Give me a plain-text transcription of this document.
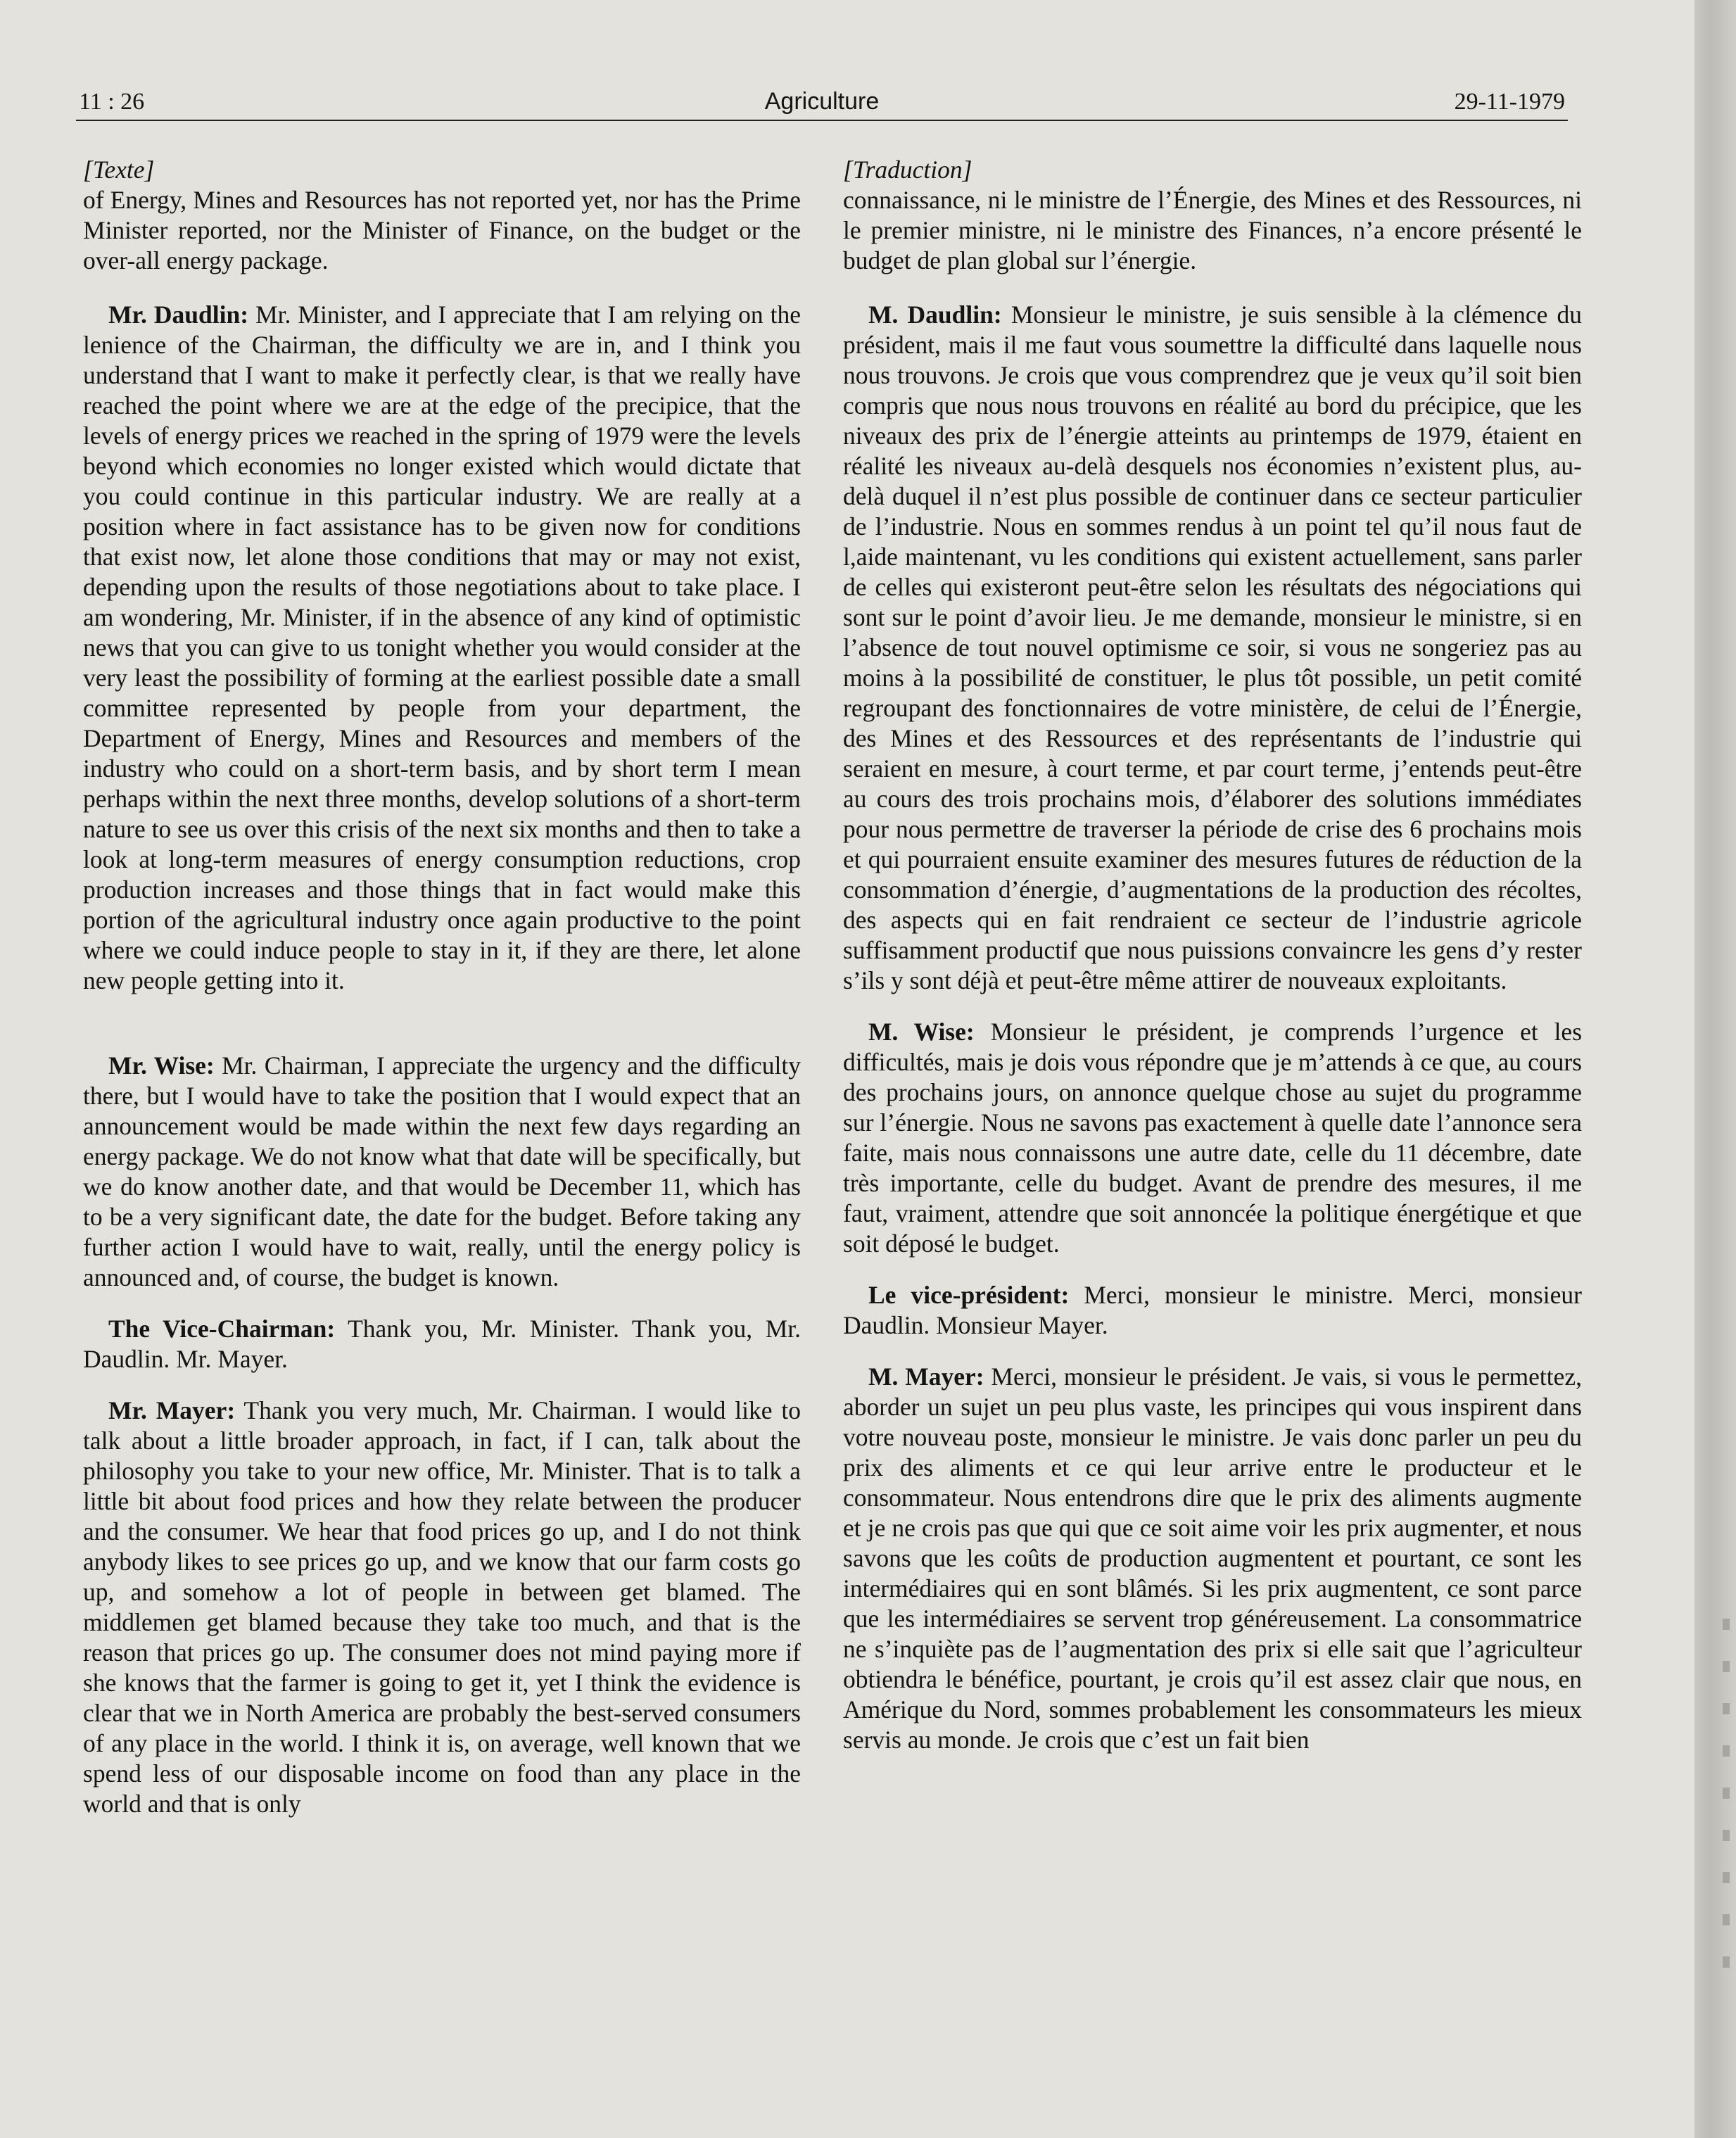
11 : 26	Agriculture	29-11-1979

[Texte]

of Energy, Mines and Resources has not reported yet, nor has the Prime Minister reported, nor the Minister of Finance, on the budget or the over-all energy package.

Mr. Daudlin: Mr. Minister, and I appreciate that I am relying on the lenience of the Chairman, the difficulty we are in, and I think you understand that I want to make it perfectly clear, is that we really have reached the point where we are at the edge of the precipice, that the levels of energy prices we reached in the spring of 1979 were the levels beyond which economies no longer existed which would dictate that you could continue in this particular industry. We are really at a position where in fact assistance has to be given now for conditions that exist now, let alone those conditions that may or may not exist, depending upon the results of those negotiations about to take place. I am wondering, Mr. Minister, if in the absence of any kind of optimistic news that you can give to us tonight whether you would consider at the very least the possibility of forming at the earliest possible date a small committee represented by people from your department, the Department of Energy, Mines and Resources and members of the industry who could on a short-term basis, and by short term I mean perhaps within the next three months, develop solutions of a short-term nature to see us over this crisis of the next six months and then to take a look at long-term measures of energy consumption reductions, crop production increases and those things that in fact would make this portion of the agricultural industry once again productive to the point where we could induce people to stay in it, if they are there, let alone new people getting into it.

Mr. Wise: Mr. Chairman, I appreciate the urgency and the difficulty there, but I would have to take the position that I would expect that an announcement would be made within the next few days regarding an energy package. We do not know what that date will be specifically, but we do know another date, and that would be December 11, which has to be a very significant date, the date for the budget. Before taking any further action I would have to wait, really, until the energy policy is announced and, of course, the budget is known.

The Vice-Chairman: Thank you, Mr. Minister. Thank you, Mr. Daudlin. Mr. Mayer.

Mr. Mayer: Thank you very much, Mr. Chairman. I would like to talk about a little broader approach, in fact, if I can, talk about the philosophy you take to your new office, Mr. Minister. That is to talk a little bit about food prices and how they relate between the producer and the consumer. We hear that food prices go up, and I do not think anybody likes to see prices go up, and we know that our farm costs go up, and somehow a lot of people in between get blamed. The middlemen get blamed because they take too much, and that is the reason that prices go up. The consumer does not mind paying more if she knows that the farmer is going to get it, yet I think the evidence is clear that we in North America are probably the best-served consumers of any place in the world. I think it is, on average, well known that we spend less of our disposable income on food than any place in the world and that is only

[Traduction]

connaissance, ni le ministre de l’Énergie, des Mines et des Ressources, ni le premier ministre, ni le ministre des Finances, n’a encore présenté le budget de plan global sur l’énergie.

M. Daudlin: Monsieur le ministre, je suis sensible à la clémence du président, mais il me faut vous soumettre la difficulté dans laquelle nous nous trouvons. Je crois que vous comprendrez que je veux qu’il soit bien compris que nous nous trouvons en réalité au bord du précipice, que les niveaux des prix de l’énergie atteints au printemps de 1979, étaient en réalité les niveaux au-delà desquels nos économies n’existent plus, au-delà duquel il n’est plus possible de continuer dans ce secteur particulier de l’industrie. Nous en sommes rendus à un point tel qu’il nous faut de l,aide maintenant, vu les conditions qui existent actuellement, sans parler de celles qui existeront peut-être selon les résultats des négociations qui sont sur le point d’avoir lieu. Je me demande, monsieur le ministre, si en l’absence de tout nouvel optimisme ce soir, si vous ne songeriez pas au moins à la possibilité de constituer, le plus tôt possible, un petit comité regroupant des fonctionnaires de votre ministère, de celui de l’Énergie, des Mines et des Ressources et des représentants de l’industrie qui seraient en mesure, à court terme, et par court terme, j’entends peut-être au cours des trois prochains mois, d’élaborer des solutions immédiates pour nous permettre de traverser la période de crise des 6 prochains mois et qui pourraient ensuite examiner des mesures futures de réduction de la consommation d’énergie, d’augmentations de la production des récoltes, des aspects qui en fait rendraient ce secteur de l’industrie agricole suffisamment productif que nous puissions convaincre les gens d’y rester s’ils y sont déjà et peut-être même attirer de nouveaux exploitants.

M. Wise: Monsieur le président, je comprends l’urgence et les difficultés, mais je dois vous répondre que je m’attends à ce que, au cours des prochains jours, on annonce quelque chose au sujet du programme sur l’énergie. Nous ne savons pas exactement à quelle date l’annonce sera faite, mais nous connaissons une autre date, celle du 11 décembre, date très importante, celle du budget. Avant de prendre des mesures, il me faut, vraiment, attendre que soit annoncée la politique énergétique et que soit déposé le budget.

Le vice-président: Merci, monsieur le ministre. Merci, monsieur Daudlin. Monsieur Mayer.

M. Mayer: Merci, monsieur le président. Je vais, si vous le permettez, aborder un sujet un peu plus vaste, les principes qui vous inspirent dans votre nouveau poste, monsieur le ministre. Je vais donc parler un peu du prix des aliments et ce qui leur arrive entre le producteur et le consommateur. Nous entendrons dire que le prix des aliments augmente et je ne crois pas que qui que ce soit aime voir les prix augmenter, et nous savons que les coûts de production augmentent et pourtant, ce sont les intermédiaires qui en sont blâmés. Si les prix augmentent, ce sont parce que les intermédiaires se servent trop généreusement. La consommatrice ne s’inquiète pas de l’augmentation des prix si elle sait que l’agriculteur obtiendra le bénéfice, pourtant, je crois qu’il est assez clair que nous, en Amérique du Nord, sommes probablement les consommateurs les mieux servis au monde. Je crois que c’est un fait bien
